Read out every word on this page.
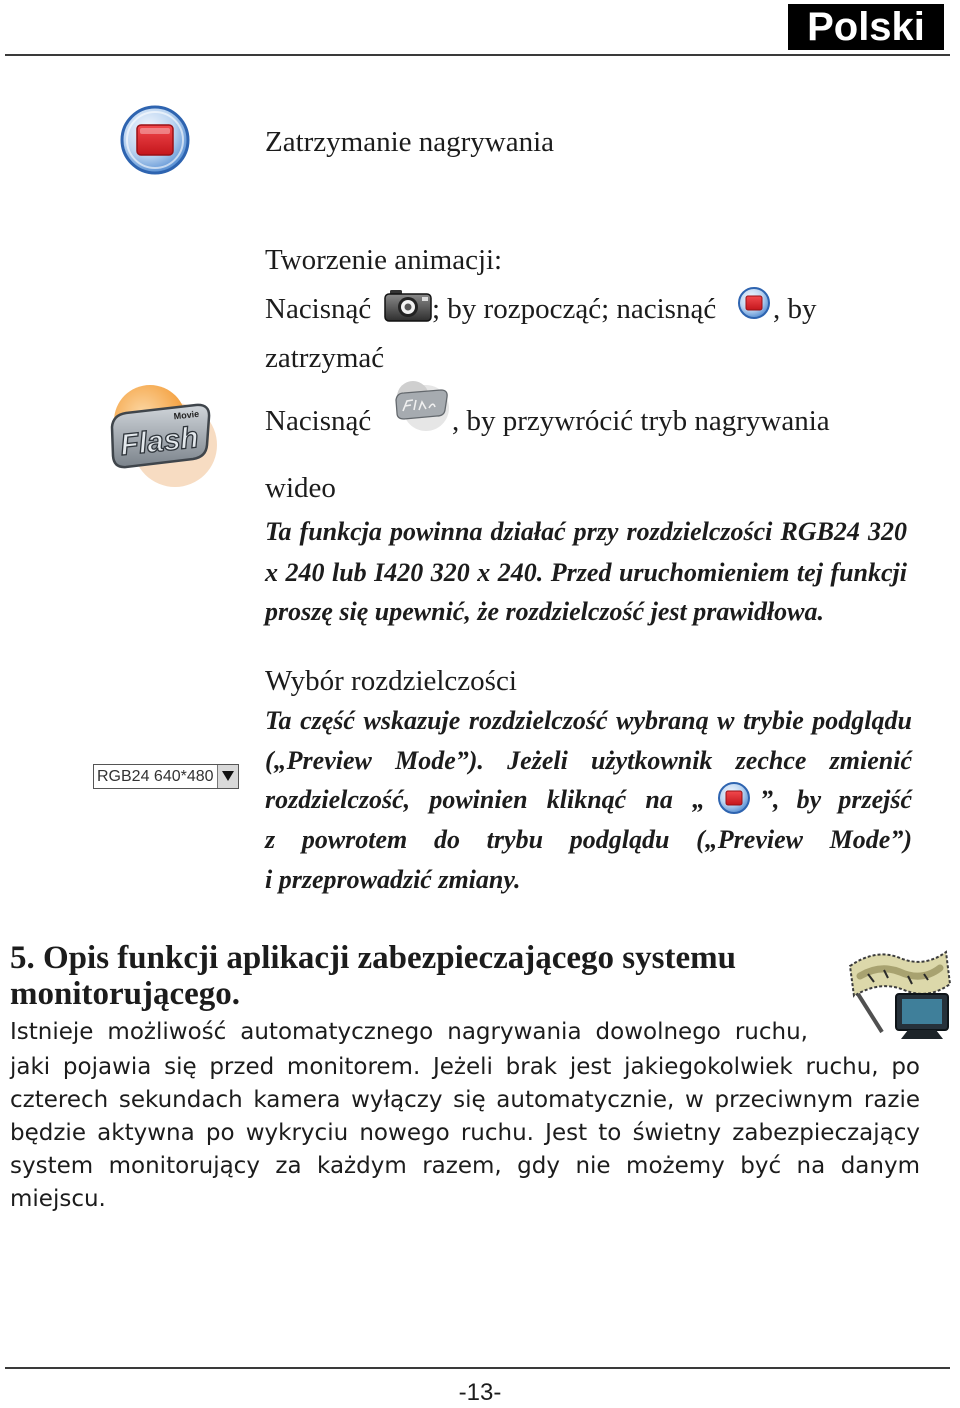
Polski
Zatrzymanie nagrywania
Tworzenie animacji:
Nacisnąć ; by rozpocząć; nacisnąć , by
zatrzymać
Flash
Movie Nacisnąć	, by przywrócić tryb nagrywania
wideo
Ta funkcja powinna działać przy rozdzielczości RGB24 320
x 240 lub I420 320 x 240. Przed uruchomieniem tej funkcji
proszę się upewnić, że rozdzielczość jest prawidłowa.
Wybór rozdzielczości
RGB24 640*480
Ta część wskazuje rozdzielczość wybraną w trybie podglądu
(„Preview Mode”). Jeżeli użytkownik zechce zmienić
rozdzielczość, powinien kliknąć na „ ”, by przejść
z powrotem do trybu podglądu („Preview Mode”)
i przeprowadzić zmiany.
5. Opis funkcji aplikacji zabezpieczającego systemu
monitorującego.
Istnieje możliwość automatycznego nagrywania dowolnego ruchu,
jaki pojawia się przed monitorem. Jeżeli brak jest jakiegokolwiek ruchu, po
czterech sekundach kamera wyłączy się automatycznie, w przeciwnym razie
będzie aktywna po wykryciu nowego ruchu. Jest to świetny zabezpieczający
system monitorujący za każdym razem, gdy nie możemy być na danym
miejscu.
-13-
